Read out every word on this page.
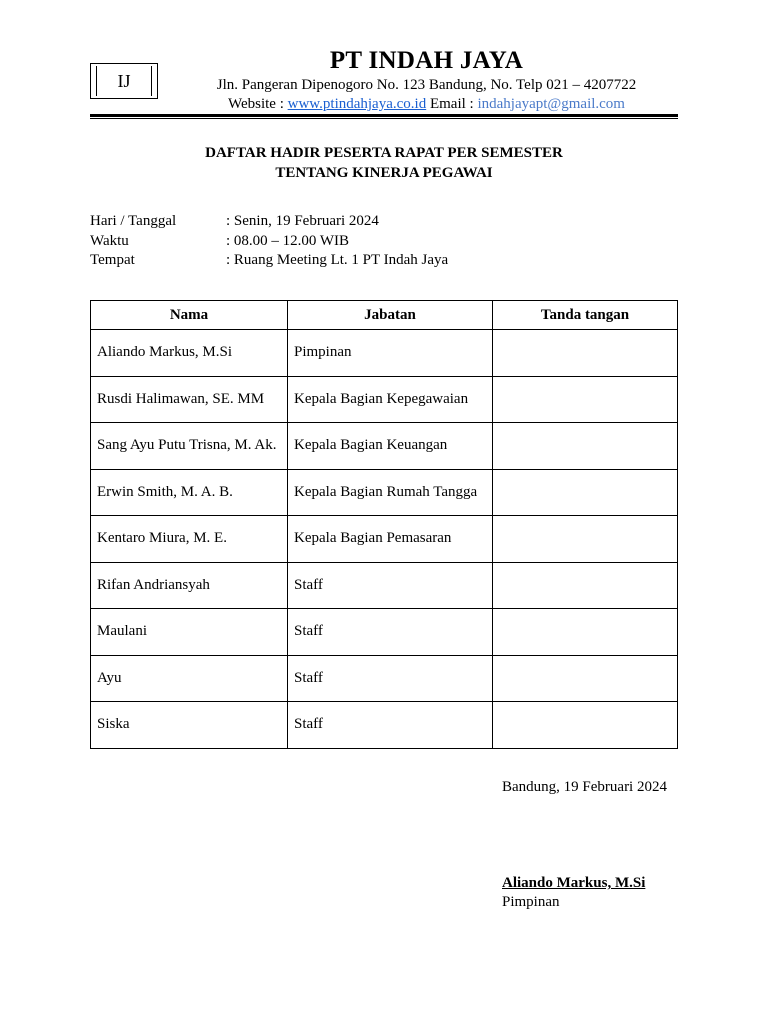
IJ
PT INDAH JAYA
Jln. Pangeran Dipenogoro No. 123 Bandung, No. Telp 021 – 4207722
Website : www.ptindahjaya.co.id Email : indahjayapt@gmail.com
DAFTAR HADIR PESERTA RAPAT PER SEMESTER
TENTANG KINERJA PEGAWAI
Hari / Tanggal	: Senin, 19 Februari 2024
Waktu	: 08.00 – 12.00 WIB
Tempat	: Ruang Meeting Lt. 1 PT Indah Jaya
Nama	Jabatan	Tanda tangan
Aliando Markus, M.Si	Pimpinan	
Rusdi Halimawan, SE. MM	Kepala Bagian Kepegawaian	
Sang Ayu Putu Trisna, M. Ak.	Kepala Bagian Keuangan	
Erwin Smith, M. A. B.	Kepala Bagian Rumah Tangga	
Kentaro Miura, M. E.	Kepala Bagian Pemasaran	
Rifan Andriansyah	Staff	
Maulani	Staff	
Ayu	Staff	
Siska	Staff	
Bandung, 19 Februari 2024
Aliando Markus, M.Si
Pimpinan
